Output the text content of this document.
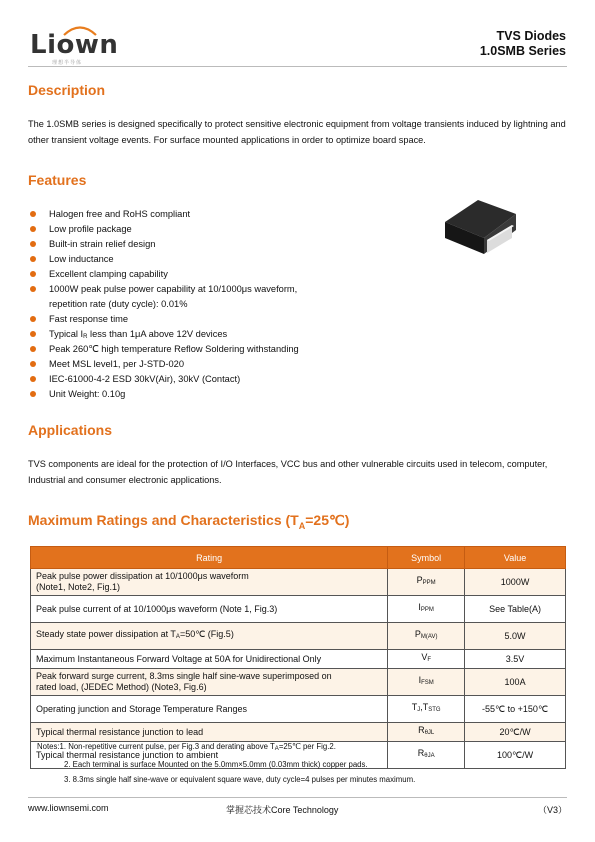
Liown
理想半导体
TVS Diodes
1.0SMB Series
Description

The 1.0SMB series is designed specifically to protect sensitive electronic equipment from voltage transients induced by lightning and other transient voltage events. For surface mounted applications in order to optimize board space.

Features
Halogen free and RoHS compliant
Low profile package
Built-in strain relief design
Low inductance
Excellent clamping capability
1000W peak pulse power capability at 10/1000μs waveform,
repetition rate (duty cycle): 0.01%
Fast response time
Typical $I_R$ less than 1μA above 12V devices
Peak 260℃ high temperature Reflow Soldering withstanding
Meet MSL level1, per J-STD-020
IEC-61000-4-2 ESD 30kV(Air), 30kV (Contact)
Unit Weight: 0.10g
Applications

TVS components are ideal for the protection of I/O Interfaces, VCC bus and other vulnerable circuits used in telecom, computer, Industrial and consumer electronic applications.

Maximum Ratings and Characteristics $(T_A=25℃)$
Rating	Symbol	Value
Peak pulse power dissipation at 10/1000μs waveform
(Note1, Note2, Fig.1)	$P_{PPM}$	1000W
Peak pulse current of at 10/1000μs waveform (Note 1, Fig.3)	$I_{PPM}$	See Table(A)
Steady state power dissipation at $T_A=50℃$ (Fig.5)	$P_{M(AV)}$	5.0W
Maximum Instantaneous Forward Voltage at 50A for Unidirectional Only	$V_F$	3.5V
Peak forward surge current, 8.3ms single half sine-wave superimposed on
rated load, (JEDEC Method) (Note3, Fig.6)	$I_{FSM}$	100A
Operating junction and Storage Temperature Ranges	$T_J,T_{STG}$	-55℃ to +150℃
Typical thermal resistance junction to lead	$R_{\theta JL}$	20℃/W
Typical thermal resistance junction to ambient	$R_{\theta JA}$	100℃/W
Notes:1. Non-repetitive current pulse, per Fig.3 and derating above $T_A=25℃$ per Fig.2.
2. Each terminal is surface Mounted on the 5.0mm×5.0mm (0.03mm thick) copper pads.
3. 8.3ms single half sine-wave or equivalent square wave, duty cycle=4 pulses per minutes maximum.
www.liownsemi.com	掌握芯技术Core Technology	（V3）
